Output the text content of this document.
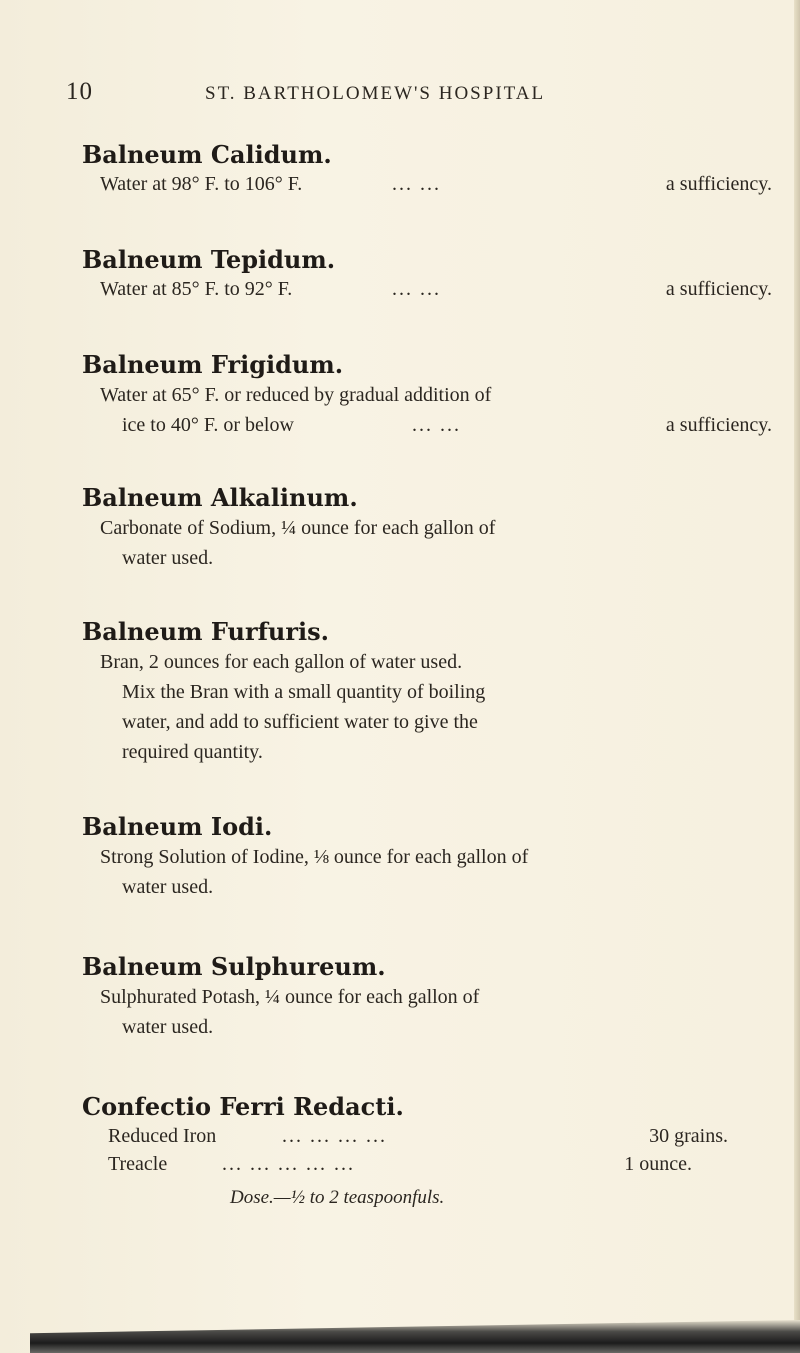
10	ST. BARTHOLOMEW'S HOSPITAL

Balneum Calidum.

Water at 98° F. to 106° F.	... ...	a sufficiency.

Balneum Tepidum.

Water at 85° F. to 92° F.	... ...	a sufficiency.

Balneum Frigidum.

Water at 65° F. or reduced by gradual addition of

ice to 40° F. or below	... ...	a sufficiency.

Balneum Alkalinum.

Carbonate of Sodium, ¼ ounce for each gallon of

water used.

Balneum Furfuris.

Bran, 2 ounces for each gallon of water used.

Mix the Bran with a small quantity of boiling

water, and add to sufficient water to give the

required quantity.

Balneum Iodi.

Strong Solution of Iodine, ⅛ ounce for each gallon of

water used.

Balneum Sulphureum.

Sulphurated Potash, ¼ ounce for each gallon of

water used.

Confectio Ferri Redacti.

Reduced Iron	... ... ... ...	30 grains.
Treacle	... ... ... ... ...	1 ounce.
Dose.—½ to 2 teaspoonfuls.
